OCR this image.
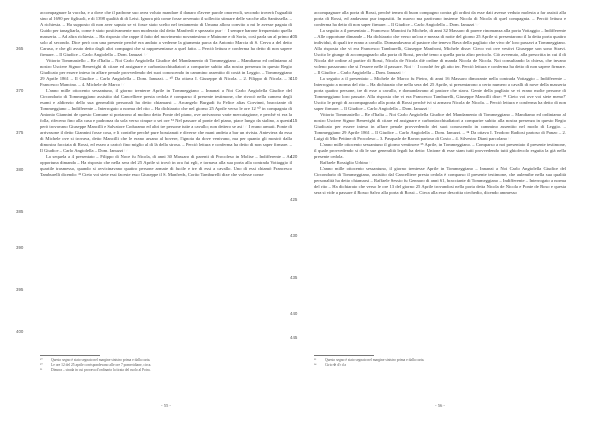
365
370
375
380
385
390
395
400

accompagnare la vaccha, e a dove che il padrone suo avea voluto mandare il danaro d'avere parole onorevoli, secondo troverà l'ugualità sino al 1690 per figliuoli, e di 1398 qualità di di Leisi. Ignora più come fosse avvenuto il sollecito stimare delle vacche alla Santissella. – A richiesta. – Ha supposto di non aver saputo se vi fosse stato scelto nel testamento di Umana allora convito a mi le avesse pagata di Guido per tanagliarla, come è stato positivamente non moderato dal detto Manfredi e spezzato pur ☞ I sempre barone frequentato quella masseria. – Ad altra richiesta. – Ha risposto che rappe il fatto del movimento novantesimo e Mainone e di Sorio, così parla un al primo e solo al secondo. Dice però con una presente perché era andato a vederne la giumenta parca da Antonio Marcia di S. Cerva a del detto Caruso, e che gli avuto detto dagli altri compagni che si rappresentasse a quel fatto. – Perciò lettura e conferma ha detto di non sapere firmare. – Il Giudice – Carlo Angiolella – Dom. Ianuzzi ☞

Vittorio Tommasiello – Re d'Italia – Noi Carlo Angiolella Giudice del Mandamento di Tommeggiano – Mandiamo ed ordiniamo al nostro Usciere Signor Benevighi di citare ed assignare e carboniacchiudiatori a comparire subito alla nostra presenza in questo Regio Giudicato per essere inteso in affare penale provvedendo dei suoi conoscendo in cammino assentito di costà in Leggio. – Tommeggiano 29 Aprile 1861 – Il Giudice – Carlo Angiolella – Dom. Ianuzzi. – ³⁰ Da ottava I. Giuseppe di Nicola. – 2. Filippo di Nicola. – 3. Francesco Mancino. – 4. Michele de Marco ☞

L'anno mille ottocento sessantuno, il giorno trenterre Aprile in Tommeggiano – Innanzi a Noi Carlo Angiolella Giudice del Circondario di Tommeggiano assistito dal Cancelliere presta cedola è comparso il presente testimone, che rivocò nella camera degli esami e aldirezio dello sua generalità personali ha detto chiamarsi – Arcangelo Burgadi fu Felice alias Corvinni, bracciante di Tommeggiano – Indifferente – Interrogato a norma del rito – Ha dichiarato che nel giorno 25 Aprile verso le ore 12 ⁵⁰ in compagnia di Antonio Giannini de questo Comune si portarono al molino detto Ponte del piano, ove arrivarono varie mercatagione, e perché vi era la folla, rifeceno fino alla casa e padronza da sola verso cinque o sei ore ⁵¹ Nel passare al ponte del piano, piace lungo da stalino, a questo però trovavano Giuseppe Mancilli e Salvatore Coduramo ed altri tre persone tutte a cavallo; non dettero se asi ☞ I erano armati. Ponte di arrivasone il detto Giannini fosse cosa, e li contribe perché pure bossianati e diverse che mani andeta a bar un rivista. Anteviera da essa di Michele ove si trovava, detto Mancilli che le erano arsano al bovere, l'ignota da dove venivano, ma per quanto gli mostrò dalla dimostra facciata di Rossi, ed esseo a caricò fino miglio al di là della strosa. – Perciò lettura e conferma ha detto di non saper firmare. – Il Giudice – Carlo Angiolella – Dom. Ianuzzi ☞

La sequela a 4 presentato – Filippo di Noce fu Nicola, di anni 30 Massaro di parenti di Procoleso in Molise – Indifferente – Ad opportuna dimanda – Ha risposto che nella sera del 25 Aprile si trovò in ora fui egli, e tornava alla sua porta alla contrada Vottaggio il quartile trasmesso, quando si avvicinavano quattro persone armate di fucile e tre di essi a cavallo. Uno di essi chiamò Francesco Tamburelli dicendo: ³² Cieto voi siete essi faceste esso Giuseppe il S. Manfreds, Corito Tamburelli dixe che volesse conse

³⁰	Questo segno è stato segnato nel margine sinistro prima e dalla carta.
⁵⁰	Le ore 12 del 25 aprile corrispondevano alle ore 7 pomeridiane, circa.
⁵¹	Dimora – strada in cui provava d'ordinario la tirata del ruolo al Potra.
- 55 -
405
410
415
420
425
430
435
440
445

accompagnare alla porta di Rossi, perché temea di buon compagno contra gli ordini da esse dati avesse veduto molesta a far assisti alla porta di Rossi, ed andavano pur impastiti. In nuovo ma partivano insieme Nicola di Nicola di quel compagnia. – Perciò lettura e conferma ha detto di non saper firmare. – Il Giudice – Carlo Angiolella – Dom. Ianuzzi ☞

La seguito a il presentato – Francesco Mancini fu Michele, di anni 32 Massaro di parere rinomanza alla porta Vottaggio – Indifferente – Alle opportune dimande – Ha dichiarato che verso un'ora e mezza di notte del giorno 25 Aprile si presentarono il la detta porta quattro individui, di quali tre erano a cavallo. Domandavano al pastore che tenevo Bava della pagliaio che vivo de' loro passavi a Tommeggiano. Alla risposta che vi era Francesco Tamburelli, Giuseppe Manfroni, Michele disse: Cieco voi ove vestivi Giuseppe son sono Stravi. Uscito le giunge di accompagnarlo alla porta di Rossi, perché temo a quella porta altro pericolo. Ciò avvenuto, alla prescritta in cui il di Nicola diè ordine al partire di Rossi, Nicola de Nicola diè ordine di manda Nicola de Nicola. Noi consultando la chiesa, che invano voleno passavano che si l'essere nelle il passare. Noi ☞ I conchè fer gli atto ter. Perciò lettura e conferma ha detto di non sapere firmare. – Il Giudice – Carlo Angiolella – Dom. Ianuzzi ☞

La seguito a il presentato – Michele de Marco fu Pietro, di anni 16 Massaro dimorante nella contrada Vottaggio – Indifferente – Interrogato a norma del rito – Ha dichiarato che nella sera del 25 Aprile, si presentarono a certo numero a cavalli di nove della masseria porta quattro persone, tre di esse a cavallo, e domandavano al pastore che stava. Gente della pagliaio se vi erano molte persone di Tommeggiano loro passate. Alla risposta che vi era Francesco Tamburelli, Giuseppe Mancilli dixe: ³³ Cieto voi ove voi siete meno?' Uscito le pregò di accompagnarlo alla porta di Rossi perché ivi si armava Nicola de Nicola. – Perciò lettura e conferma ha detto di non saper firmare. – Il Giudice – Carlo Angiolella – Dom. Ianuzzi ☞

Vittorio Tommasiello – Re d'Italia – Noi Carlo Angiolella Giudice del Mandamento di Tommeggiano – Mandiamo ed ordiniamo al nostro Usciere Signor Benevighi di citare ed assignare e carboniacchiudiatori a comparire subito alla nostra presenza in questo Regio Giudicato per essere inteso in affare penale provvedendo dei suoi conoscendo in cammino assentito nel modo di Leggio. – Tommeggiano 29 Aprile 1861 – Il Giudice – Carlo Angiolella – Dom. Ianuzzi. – ³⁴ Da ottava I. Teodoro Radiosi partoso di Panzo – 2. Luigi di Mio Pettine di Procoleso – 3. Pasquale de Ravon partoso di Costo – 4. Silvestro Diani parcolano ☞

L'anno mille ottocento sessantuno il giorno ventinove ³⁵ Aprile, in Tommeggiano. – Comparso a noi presentato il presente testimone, il quale provvedendo si dà le sue generalità legali ha detto: Unione di esse siam tutti provvedendo tutti ghiofecolo esguita la già nella presente cedola.

Raffaele Rossiglio Urbino ☞

L'anno mille ottocento sessantuno, il giorno trentesse Aprile in Tommeggiano – Innanzi a Noi Carlo Angiolella Giudice del Circondario di Tommeggiano, assistito dal Cancelliere presta cedola è comparso il presente testimone, che aulemibe nella sua qualità personalità ha detto chiamarsi – Raffaele Sessio fu Gennaro di anni 61, bracciante di Tommeggiano – Indifferente – Interrogato a norma del rito – Ha dichiarato che verso le ore 13 del giorno 25 Aprile trovandosi nella porta detta Nicola de Nicola e Ponte de Boso e questa sera si vide a passare il Rosso Salvo alla porta di Rossi – Cieca alla esse descritta ciechedio, dicendo ammesso

³³	Questo segno è stato segnato nel margine sinistro prima e dalla carta.
³⁴	Cirio ✠ d'r d a
- 56 -
